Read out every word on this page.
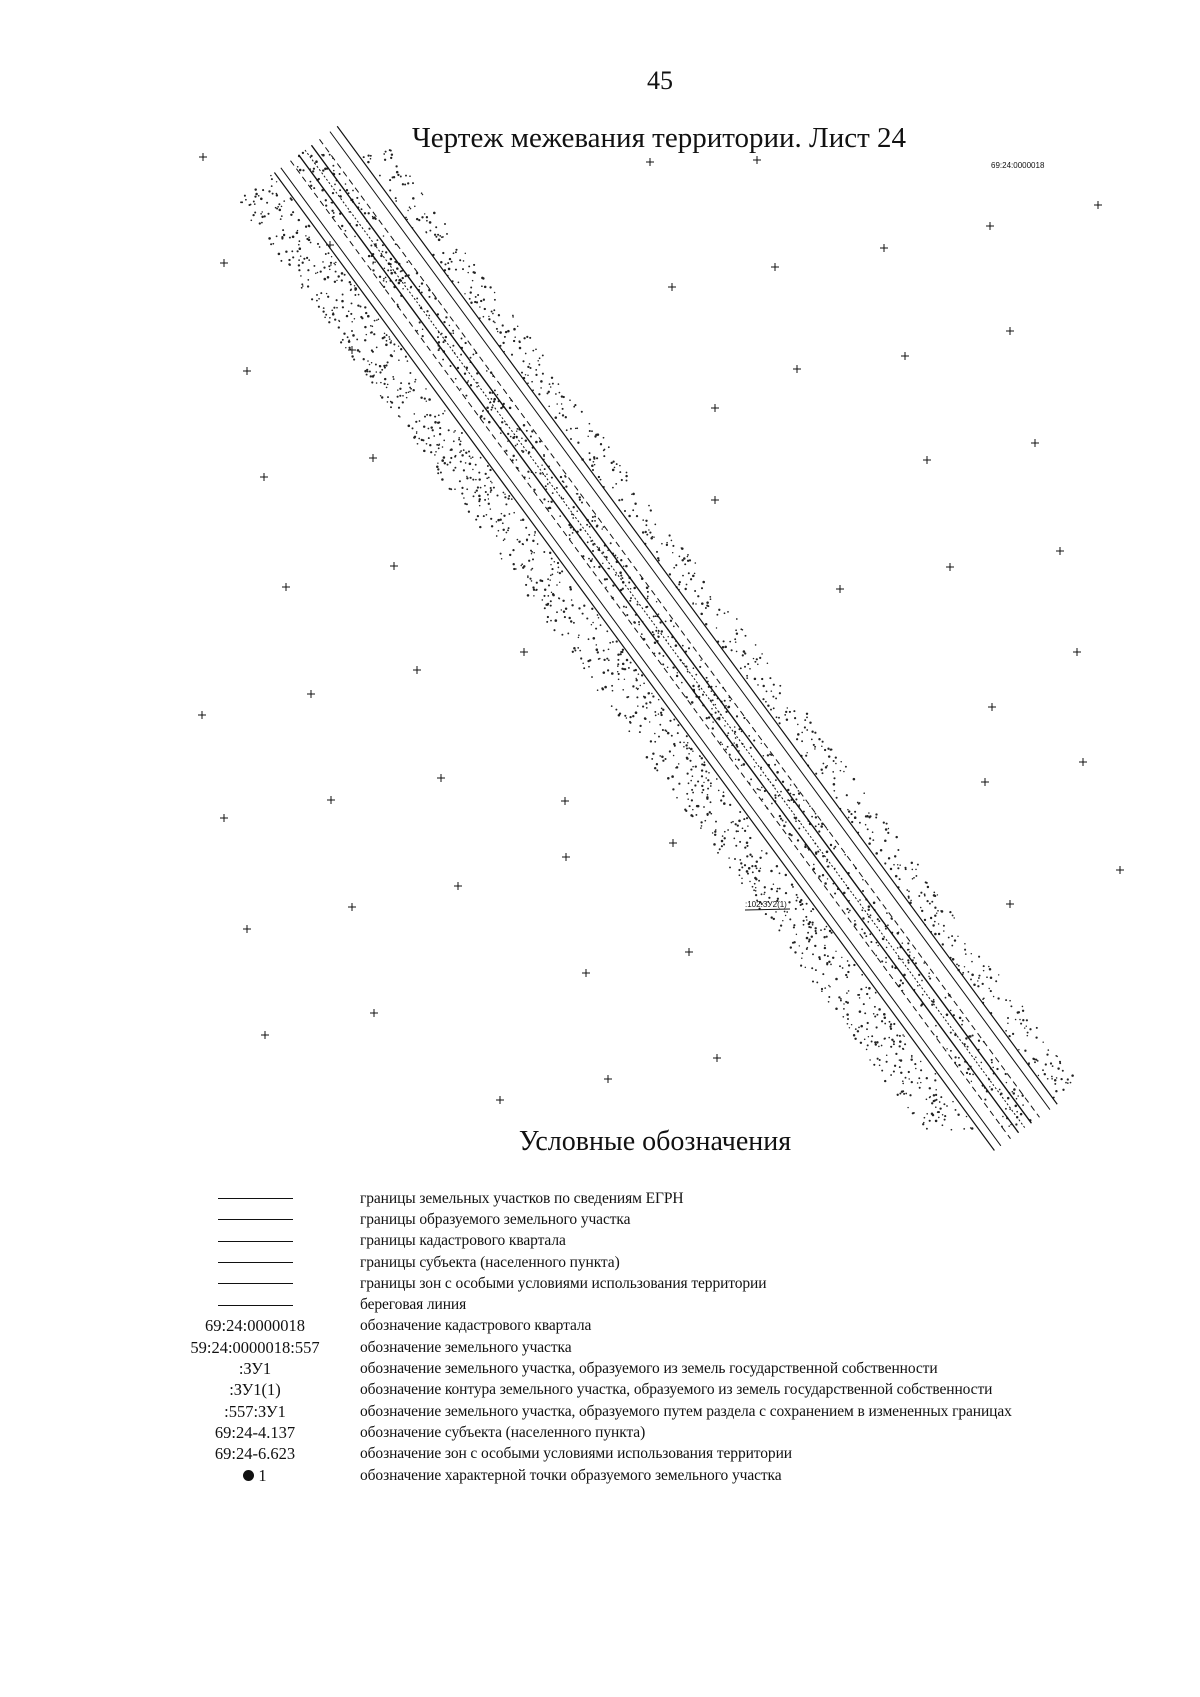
45
Чертеж межевания территории. Лист 24
69:24:0000018
:102:ЗУ2(1)
Условные обозначения
границы земельных участков по сведениям ЕГРН
границы образуемого земельного участка
границы кадастрового квартала
границы субъекта (населенного пункта)
границы зон с особыми условиями использования территории
береговая линия
69:24:0000018	обозначение кадастрового квартала
59:24:0000018:557	обозначение земельного участка
:ЗУ1	обозначение земельного участка, образуемого из земель государственной собственности
:ЗУ1(1)	обозначение контура земельного участка, образуемого из земель государственной собственности
:557:ЗУ1	обозначение земельного участка, образуемого путем раздела с сохранением в измененных границах
69:24-4.137	обозначение субъекта (населенного пункта)
69:24-6.623	обозначение зон с особыми условиями использования территории
1	обозначение характерной точки образуемого земельного участка
